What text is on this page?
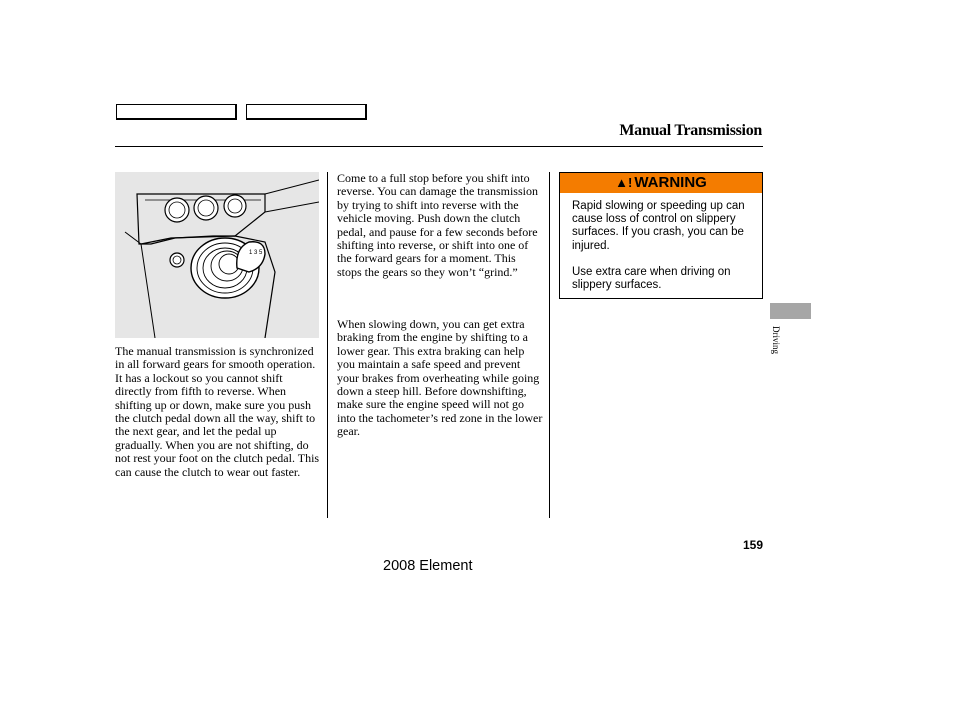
Manual Transmission
1 3 5

The manual transmission is synchronized in all forward gears for smooth operation. It has a lockout so you cannot shift directly from fifth to reverse. When shifting up or down, make sure you push the clutch pedal down all the way, shift to the next gear, and let the pedal up gradually. When you are not shifting, do not rest your foot on the clutch pedal. This can cause the clutch to wear out faster.

Come to a full stop before you shift into reverse. You can damage the transmission by trying to shift into reverse with the vehicle moving. Push down the clutch pedal, and pause for a few seconds before shifting into reverse, or shift into one of the forward gears for a moment. This stops the gears so they won’t “grind.”

When slowing down, you can get extra braking from the engine by shifting to a lower gear. This extra braking can help you maintain a safe speed and prevent your brakes from overheating while going down a steep hill. Before downshifting, make sure the engine speed will not go into the tachometer’s red zone in the lower gear.

▲! WARNING

Rapid slowing or speeding up can cause loss of control on slippery surfaces. If you crash, you can be injured.

Use extra care when driving on slippery surfaces.

Driving
159
2008 Element
